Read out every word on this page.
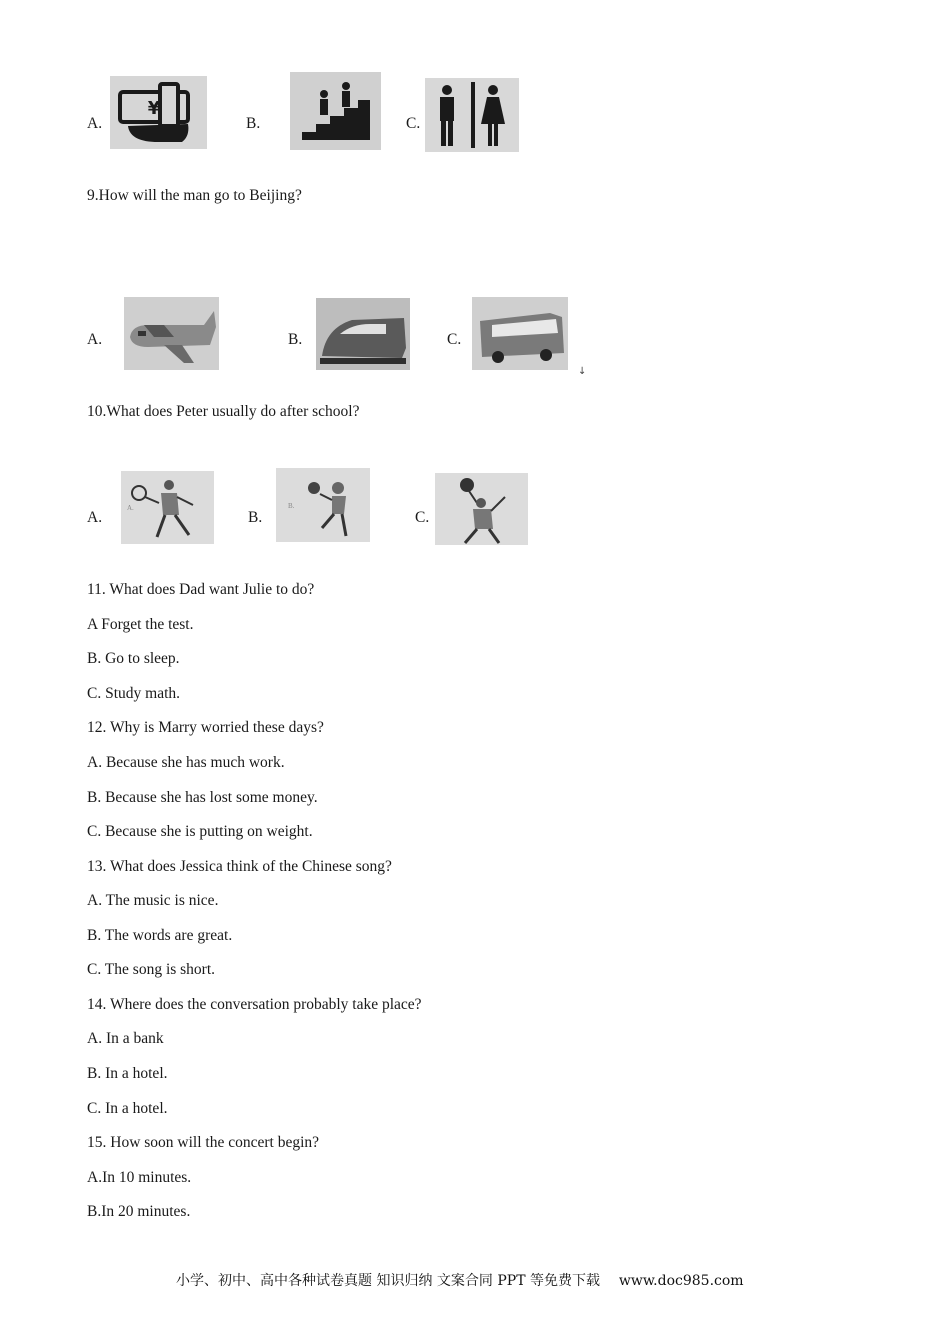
A.
¥
B.	C.
9.How will the man go to Beijing?
A.	B.	C.
↓
10.What does Peter usually do after school?
A.
A.
B.
B.
C.
11. What does Dad want Julie to do?
A Forget the test.
B. Go to sleep.
C. Study math.
12. Why is Marry worried these days?
A. Because she has much work.
B. Because she has lost some money.
C. Because she is putting on weight.
13. What does Jessica think of the Chinese song?
A. The music is nice.
B. The words are great.
C. The song is short.
14. Where does the conversation probably take place?
A. In a bank
B. In a hotel.
C. In a hotel.
15. How soon will the concert begin?
A.In 10 minutes.
B.In 20 minutes.
小学、初中、高中各种试卷真题 知识归纳 文案合同 PPT 等免费下载 www.doc985.com
